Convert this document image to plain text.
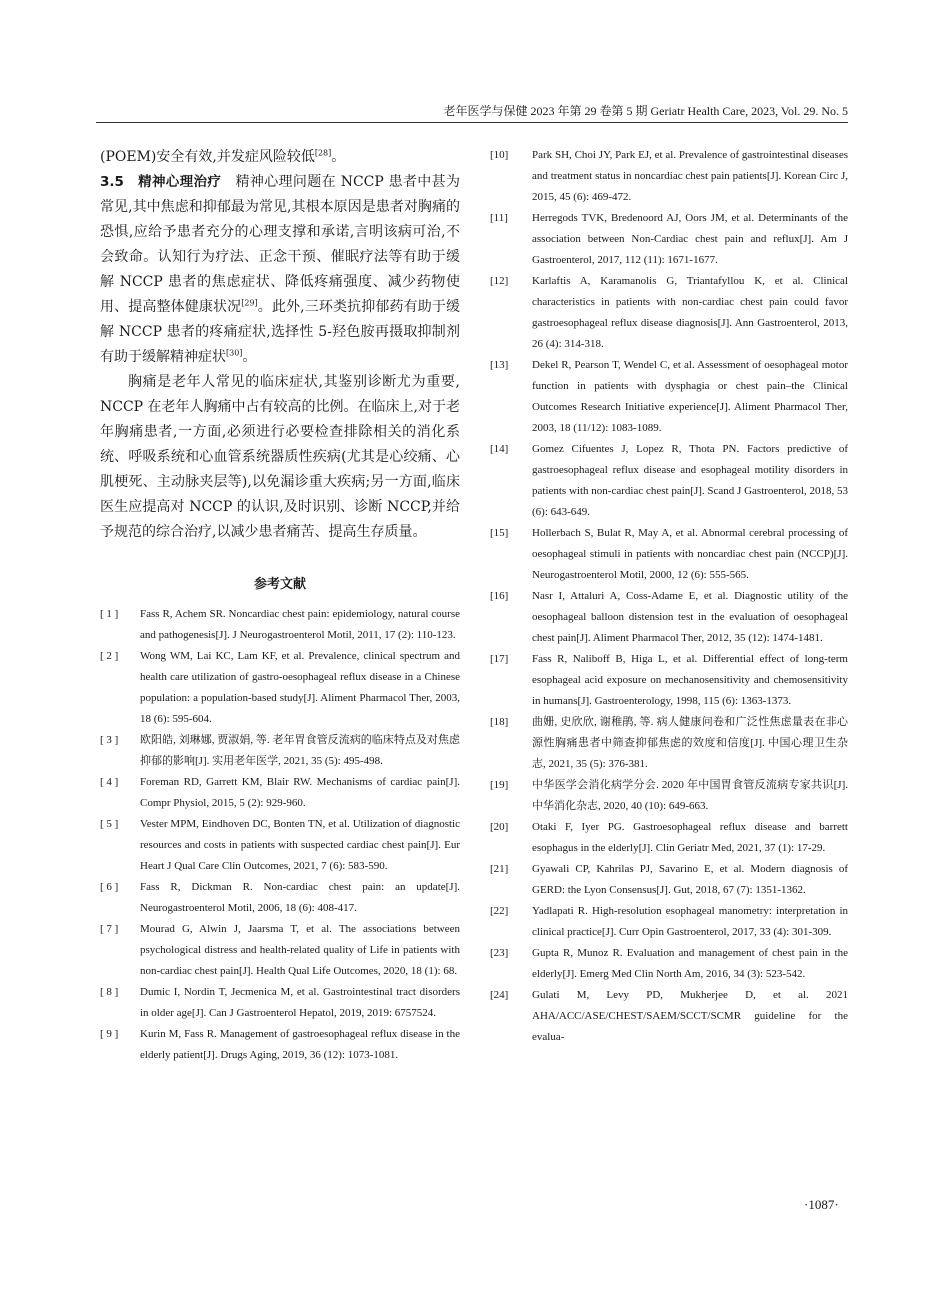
老年医学与保健 2023 年第 29 卷第 5 期 Geriatr Health Care, 2023, Vol. 29. No. 5

(POEM)安全有效,并发症风险较低[28]。

3.5　精神心理治疗　精神心理问题在 NCCP 患者中甚为常见,其中焦虑和抑郁最为常见,其根本原因是患者对胸痛的恐惧,应给予患者充分的心理支撑和承诺,言明该病可治,不会致命。认知行为疗法、正念干预、催眠疗法等有助于缓解 NCCP 患者的焦虑症状、降低疼痛强度、减少药物使用、提高整体健康状况[29]。此外,三环类抗抑郁药有助于缓解 NCCP 患者的疼痛症状,选择性 5-羟色胺再摄取抑制剂有助于缓解精神症状[30]。

胸痛是老年人常见的临床症状,其鉴别诊断尤为重要, NCCP 在老年人胸痛中占有较高的比例。在临床上,对于老年胸痛患者,一方面,必须进行必要检查排除相关的消化系统、呼吸系统和心血管系统器质性疾病(尤其是心绞痛、心肌梗死、主动脉夹层等),以免漏诊重大疾病;另一方面,临床医生应提高对 NCCP 的认识,及时识别、诊断 NCCP,并给予规范的综合治疗,以减少患者痛苦、提高生存质量。

参考文献
[ 1 ]	Fass R, Achem SR. Noncardiac chest pain: epidemiology, natural course and pathogenesis[J]. J Neurogastroenterol Motil, 2011, 17 (2): 110-123.
[ 2 ]	Wong WM, Lai KC, Lam KF, et al. Prevalence, clinical spectrum and health care utilization of gastro-oesophageal reflux disease in a Chinese population: a population-based study[J]. Aliment Pharmacol Ther, 2003, 18 (6): 595-604.
[ 3 ]	欧阳皓, 刘琳娜, 贾淑娟, 等. 老年胃食管反流病的临床特点及对焦虑抑郁的影响[J]. 实用老年医学, 2021, 35 (5): 495-498.
[ 4 ]	Foreman RD, Garrett KM, Blair RW. Mechanisms of cardiac pain[J]. Compr Physiol, 2015, 5 (2): 929-960.
[ 5 ]	Vester MPM, Eindhoven DC, Bonten TN, et al. Utilization of diagnostic resources and costs in patients with suspected cardiac chest pain[J]. Eur Heart J Qual Care Clin Outcomes, 2021, 7 (6): 583-590.
[ 6 ]	Fass R, Dickman R. Non-cardiac chest pain: an update[J]. Neurogastroenterol Motil, 2006, 18 (6): 408-417.
[ 7 ]	Mourad G, Alwin J, Jaarsma T, et al. The associations between psychological distress and health-related quality of Life in patients with non-cardiac chest pain[J]. Health Qual Life Outcomes, 2020, 18 (1): 68.
[ 8 ]	Dumic I, Nordin T, Jecmenica M, et al. Gastrointestinal tract disorders in older age[J]. Can J Gastroenterol Hepatol, 2019, 2019: 6757524.
[ 9 ]	Kurin M, Fass R. Management of gastroesophageal reflux disease in the elderly patient[J]. Drugs Aging, 2019, 36 (12): 1073-1081.
[10]	Park SH, Choi JY, Park EJ, et al. Prevalence of gastrointestinal diseases and treatment status in noncardiac chest pain patients[J]. Korean Circ J, 2015, 45 (6): 469-472.
[11]	Herregods TVK, Bredenoord AJ, Oors JM, et al. Determinants of the association between Non-Cardiac chest pain and reflux[J]. Am J Gastroenterol, 2017, 112 (11): 1671-1677.
[12]	Karlaftis A, Karamanolis G, Triantafyllou K, et al. Clinical characteristics in patients with non-cardiac chest pain could favor gastroesophageal reflux disease diagnosis[J]. Ann Gastroenterol, 2013, 26 (4): 314-318.
[13]	Dekel R, Pearson T, Wendel C, et al. Assessment of oesophageal motor function in patients with dysphagia or chest pain–the Clinical Outcomes Research Initiative experience[J]. Aliment Pharmacol Ther, 2003, 18 (11/12): 1083-1089.
[14]	Gomez Cifuentes J, Lopez R, Thota PN. Factors predictive of gastroesophageal reflux disease and esophageal motility disorders in patients with non-cardiac chest pain[J]. Scand J Gastroenterol, 2018, 53 (6): 643-649.
[15]	Hollerbach S, Bulat R, May A, et al. Abnormal cerebral processing of oesophageal stimuli in patients with noncardiac chest pain (NCCP)[J]. Neurogastroenterol Motil, 2000, 12 (6): 555-565.
[16]	Nasr I, Attaluri A, Coss-Adame E, et al. Diagnostic utility of the oesophageal balloon distension test in the evaluation of oesophageal chest pain[J]. Aliment Pharmacol Ther, 2012, 35 (12): 1474-1481.
[17]	Fass R, Naliboff B, Higa L, et al. Differential effect of long-term esophageal acid exposure on mechanosensitivity and chemosensitivity in humans[J]. Gastroenterology, 1998, 115 (6): 1363-1373.
[18]	曲姗, 史欣欣, 谢稚鹃, 等. 病人健康问卷和广泛性焦虑量表在非心源性胸痛患者中筛查抑郁焦虑的效度和信度[J]. 中国心理卫生杂志, 2021, 35 (5): 376-381.
[19]	中华医学会消化病学分会. 2020 年中国胃食管反流病专家共识[J]. 中华消化杂志, 2020, 40 (10): 649-663.
[20]	Otaki F, Iyer PG. Gastroesophageal reflux disease and barrett esophagus in the elderly[J]. Clin Geriatr Med, 2021, 37 (1): 17-29.
[21]	Gyawali CP, Kahrilas PJ, Savarino E, et al. Modern diagnosis of GERD: the Lyon Consensus[J]. Gut, 2018, 67 (7): 1351-1362.
[22]	Yadlapati R. High-resolution esophageal manometry: interpretation in clinical practice[J]. Curr Opin Gastroenterol, 2017, 33 (4): 301-309.
[23]	Gupta R, Munoz R. Evaluation and management of chest pain in the elderly[J]. Emerg Med Clin North Am, 2016, 34 (3): 523-542.
[24]	Gulati M, Levy PD, Mukherjee D, et al. 2021 AHA/ACC/ASE/CHEST/SAEM/SCCT/SCMR guideline for the evalua-
·1087·
